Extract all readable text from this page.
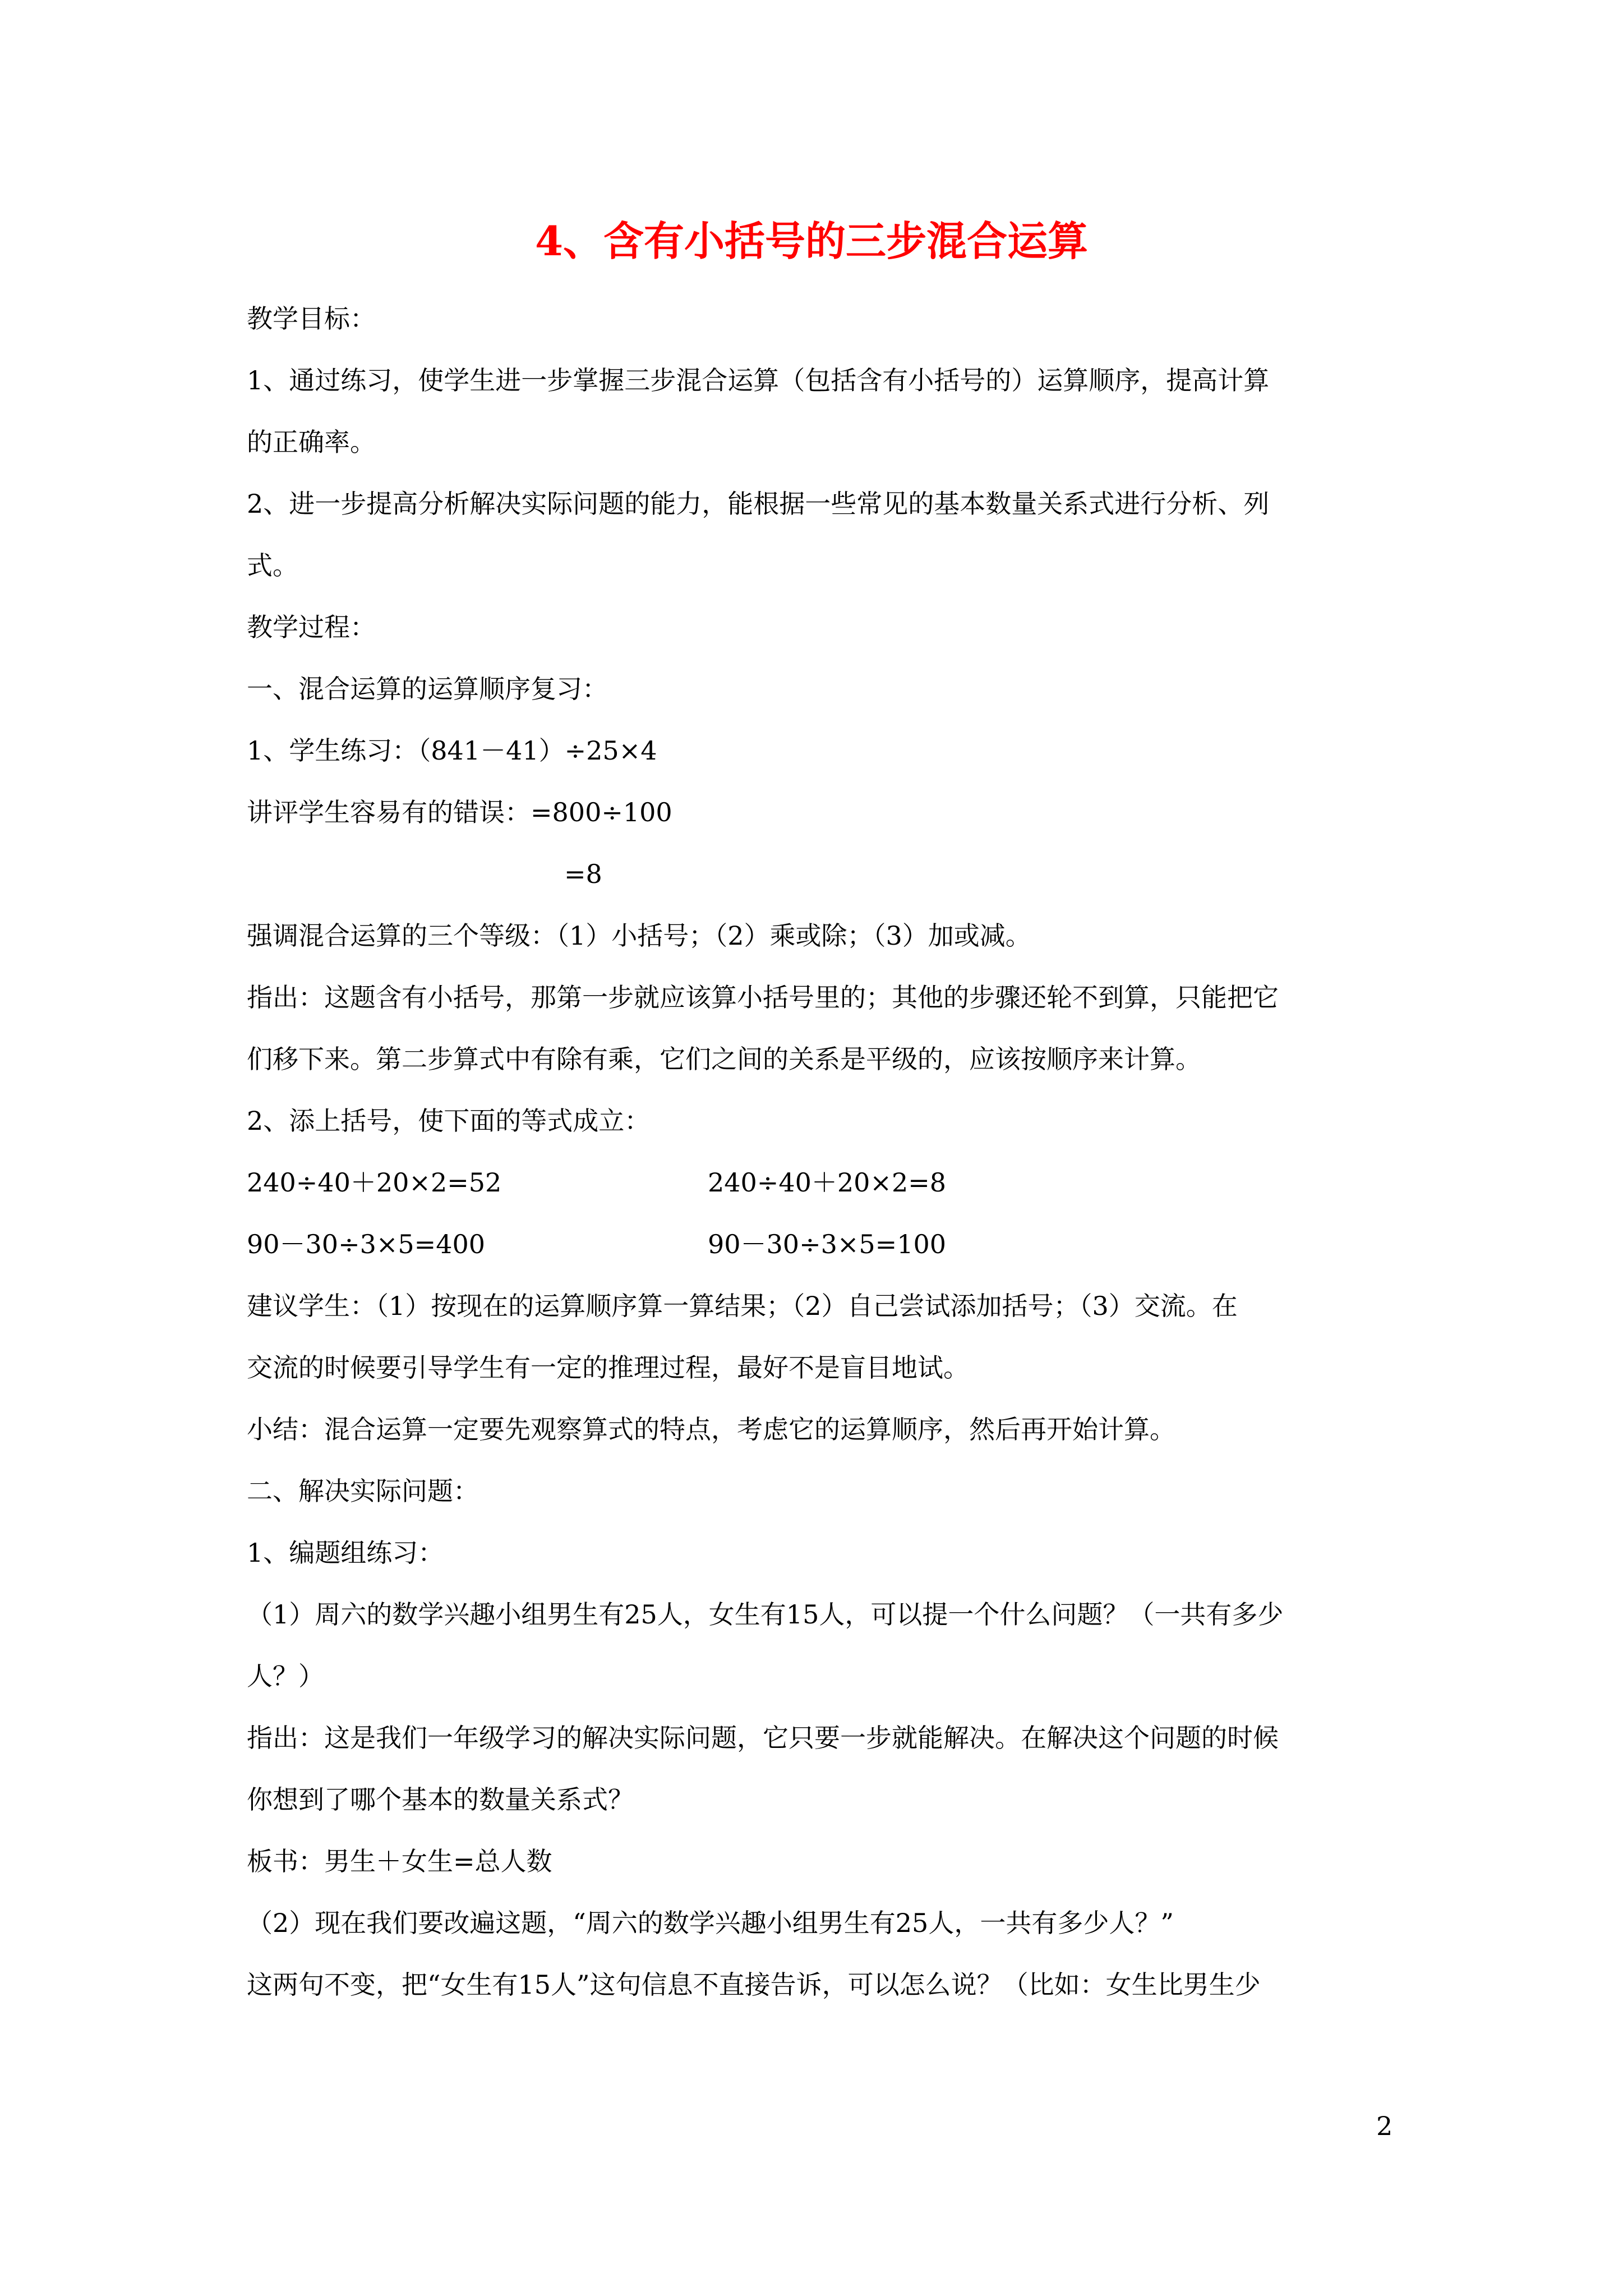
4、含有小括号的三步混合运算
教学目标：
1、通过练习，使学生进一步掌握三步混合运算（包括含有小括号的）运算顺序，提高计算
的正确率。
2、进一步提高分析解决实际问题的能力，能根据一些常见的基本数量关系式进行分析、列
式。
教学过程：
一、混合运算的运算顺序复习：
1、学生练习：（841－41）÷25×4
讲评学生容易有的错误：=800÷100
=8
强调混合运算的三个等级：（1）小括号；（2）乘或除；（3）加或减。
指出：这题含有小括号，那第一步就应该算小括号里的；其他的步骤还轮不到算，只能把它
们移下来。第二步算式中有除有乘，它们之间的关系是平级的，应该按顺序来计算。
2、添上括号，使下面的等式成立：
240÷40＋20×2=52	240÷40＋20×2=8
90－30÷3×5=400	90－30÷3×5=100
建议学生：（1）按现在的运算顺序算一算结果；（2）自己尝试添加括号；（3）交流。在
交流的时候要引导学生有一定的推理过程，最好不是盲目地试。
小结：混合运算一定要先观察算式的特点，考虑它的运算顺序，然后再开始计算。
二、解决实际问题：
1、编题组练习：
（1）周六的数学兴趣小组男生有25人，女生有15人，可以提一个什么问题？（一共有多少
人？）
指出：这是我们一年级学习的解决实际问题，它只要一步就能解决。在解决这个问题的时候
你想到了哪个基本的数量关系式？
板书：男生＋女生=总人数
（2）现在我们要改遍这题，“周六的数学兴趣小组男生有25人，一共有多少人？”
这两句不变，把“女生有15人”这句信息不直接告诉，可以怎么说？（比如：女生比男生少
2
